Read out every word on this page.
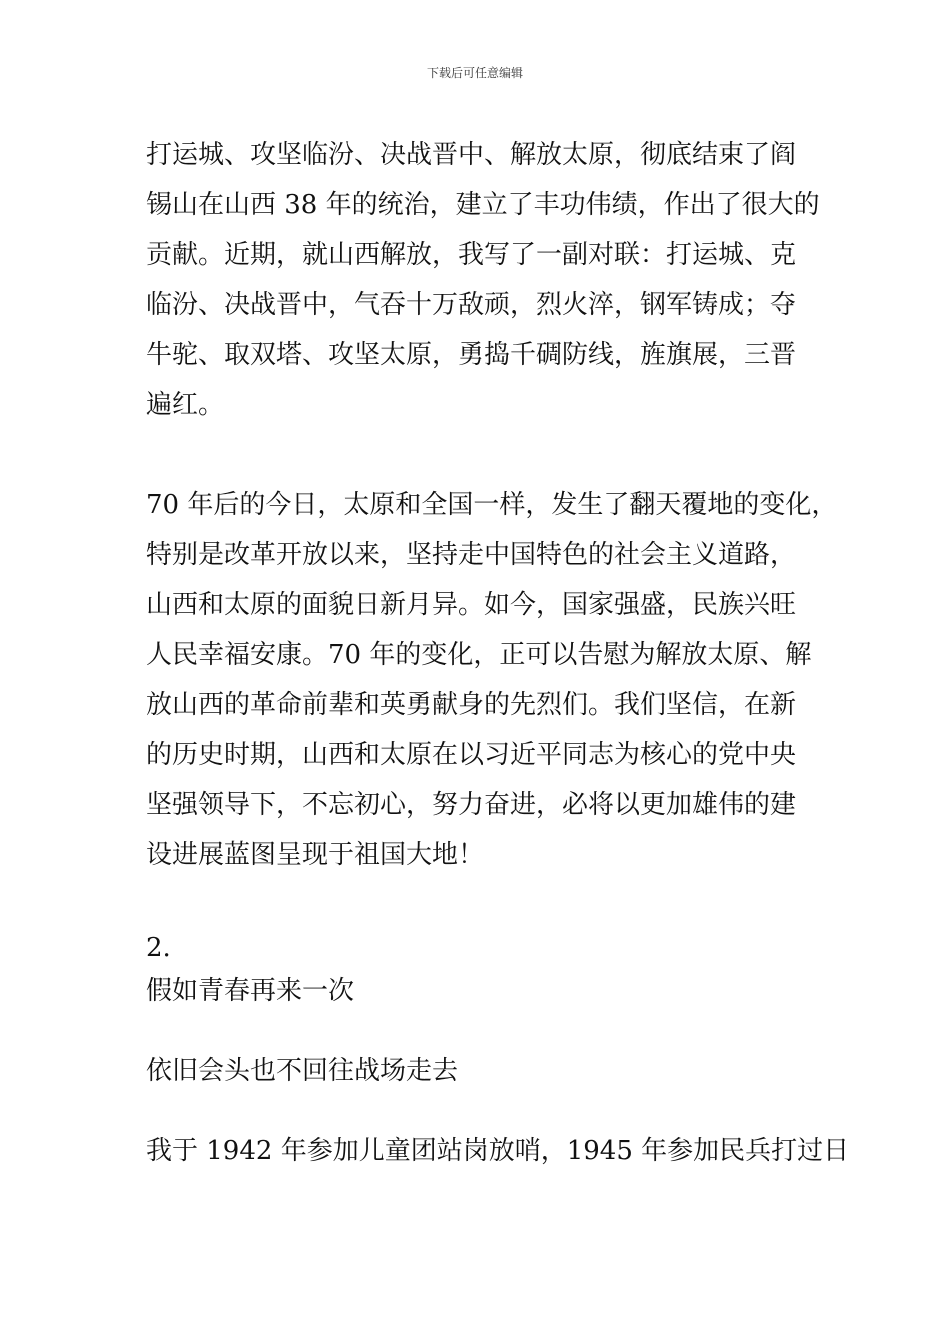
下载后可任意编辑
打运城、攻坚临汾、决战晋中、解放太原，彻底结束了阎
锡山在山西 38 年的统治，建立了丰功伟绩，作出了很大的
贡献。近期，就山西解放，我写了一副对联：打运城、克
临汾、决战晋中，气吞十万敌顽，烈火淬，钢军铸成；夺
牛驼、取双塔、攻坚太原，勇捣千碉防线，旌旗展，三晋
遍红。
70 年后的今日，太原和全国一样，发生了翻天覆地的变化，
特别是改革开放以来，坚持走中国特色的社会主义道路，
山西和太原的面貌日新月异。如今，国家强盛，民族兴旺
人民幸福安康。70 年的变化，正可以告慰为解放太原、解
放山西的革命前辈和英勇献身的先烈们。我们坚信，在新
的历史时期，山西和太原在以习近平同志为核心的党中央
坚强领导下，不忘初心，努力奋进，必将以更加雄伟的建
设进展蓝图呈现于祖国大地！
2.
假如青春再来一次
依旧会头也不回往战场走去
我于 1942 年参加儿童团站岗放哨，1945 年参加民兵打过日
